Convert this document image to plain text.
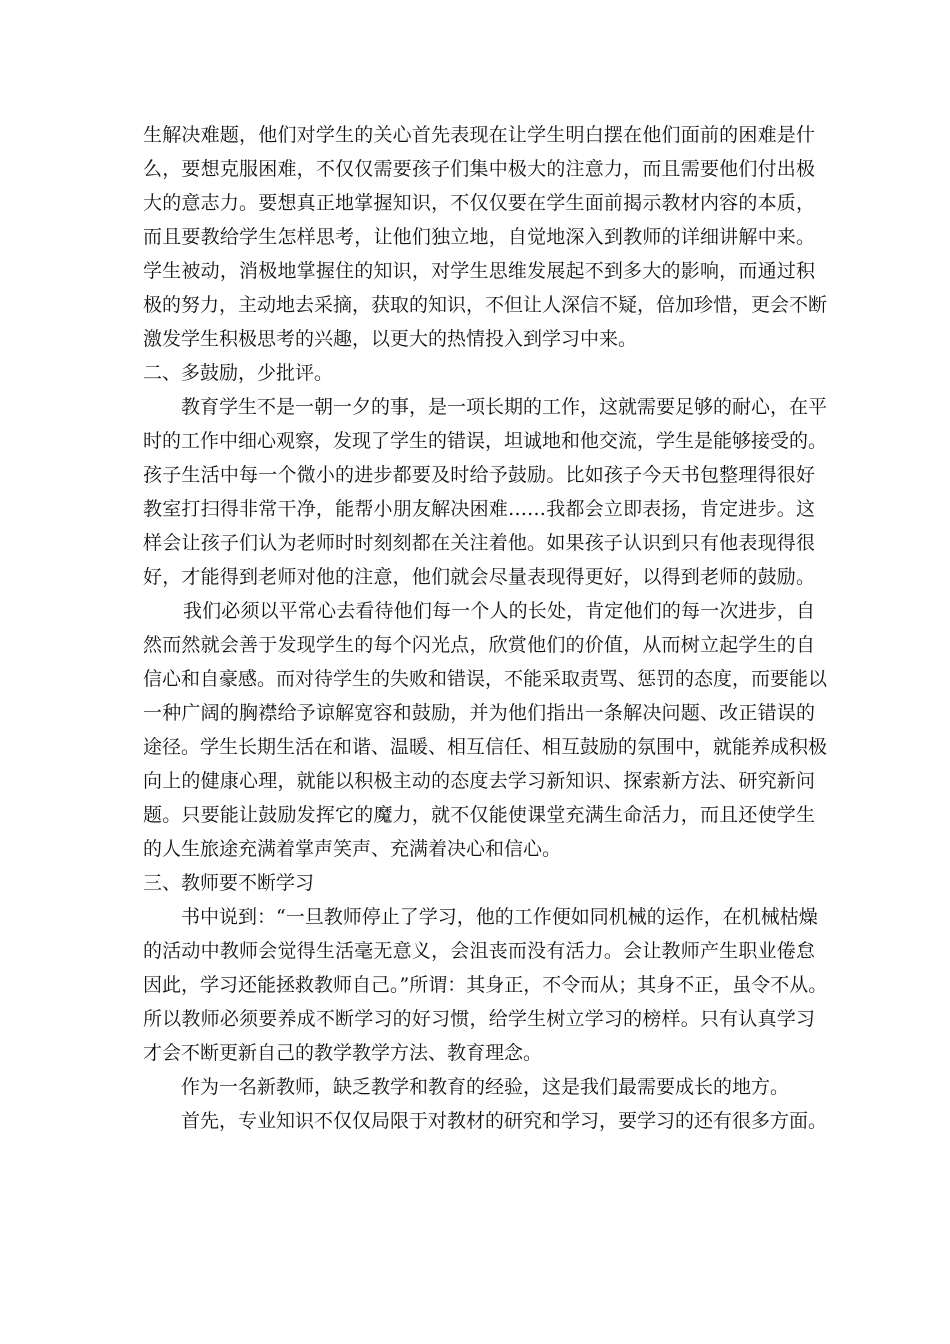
生解决难题，他们对学生的关心首先表现在让学生明白摆在他们面前的困难是什
么，要想克服困难，不仅仅需要孩子们集中极大的注意力，而且需要他们付出极
大的意志力。要想真正地掌握知识，不仅仅要在学生面前揭示教材内容的本质，
而且要教给学生怎样思考，让他们独立地，自觉地深入到教师的详细讲解中来。
学生被动，消极地掌握住的知识，对学生思维发展起不到多大的影响，而通过积
极的努力，主动地去采摘，获取的知识，不但让人深信不疑，倍加珍惜，更会不断
激发学生积极思考的兴趣，以更大的热情投入到学习中来。
二、多鼓励，少批评。
教育学生不是一朝一夕的事，是一项长期的工作，这就需要足够的耐心，在平
时的工作中细心观察，发现了学生的错误，坦诚地和他交流，学生是能够接受的。
孩子生活中每一个微小的进步都要及时给予鼓励。比如孩子今天书包整理得很好
教室打扫得非常干净，能帮小朋友解决困难……我都会立即表扬，肯定进步。这
样会让孩子们认为老师时时刻刻都在关注着他。如果孩子认识到只有他表现得很
好，才能得到老师对他的注意，他们就会尽量表现得更好，以得到老师的鼓励。
我们必须以平常心去看待他们每一个人的长处，肯定他们的每一次进步，自
然而然就会善于发现学生的每个闪光点，欣赏他们的价值，从而树立起学生的自
信心和自豪感。而对待学生的失败和错误，不能采取责骂、惩罚的态度，而要能以
一种广阔的胸襟给予谅解宽容和鼓励，并为他们指出一条解决问题、改正错误的
途径。学生长期生活在和谐、温暖、相互信任、相互鼓励的氛围中，就能养成积极
向上的健康心理，就能以积极主动的态度去学习新知识、探索新方法、研究新问
题。只要能让鼓励发挥它的魔力，就不仅能使课堂充满生命活力，而且还使学生
的人生旅途充满着掌声笑声、充满着决心和信心。
三、教师要不断学习
书中说到：“一旦教师停止了学习，他的工作便如同机械的运作，在机械枯燥
的活动中教师会觉得生活毫无意义，会沮丧而没有活力。会让教师产生职业倦怠
因此，学习还能拯救教师自己。”所谓：其身正，不令而从；其身不正，虽令不从。
所以教师必须要养成不断学习的好习惯，给学生树立学习的榜样。只有认真学习
才会不断更新自己的教学教学方法、教育理念。
作为一名新教师，缺乏教学和教育的经验，这是我们最需要成长的地方。
首先，专业知识不仅仅局限于对教材的研究和学习，要学习的还有很多方面。
